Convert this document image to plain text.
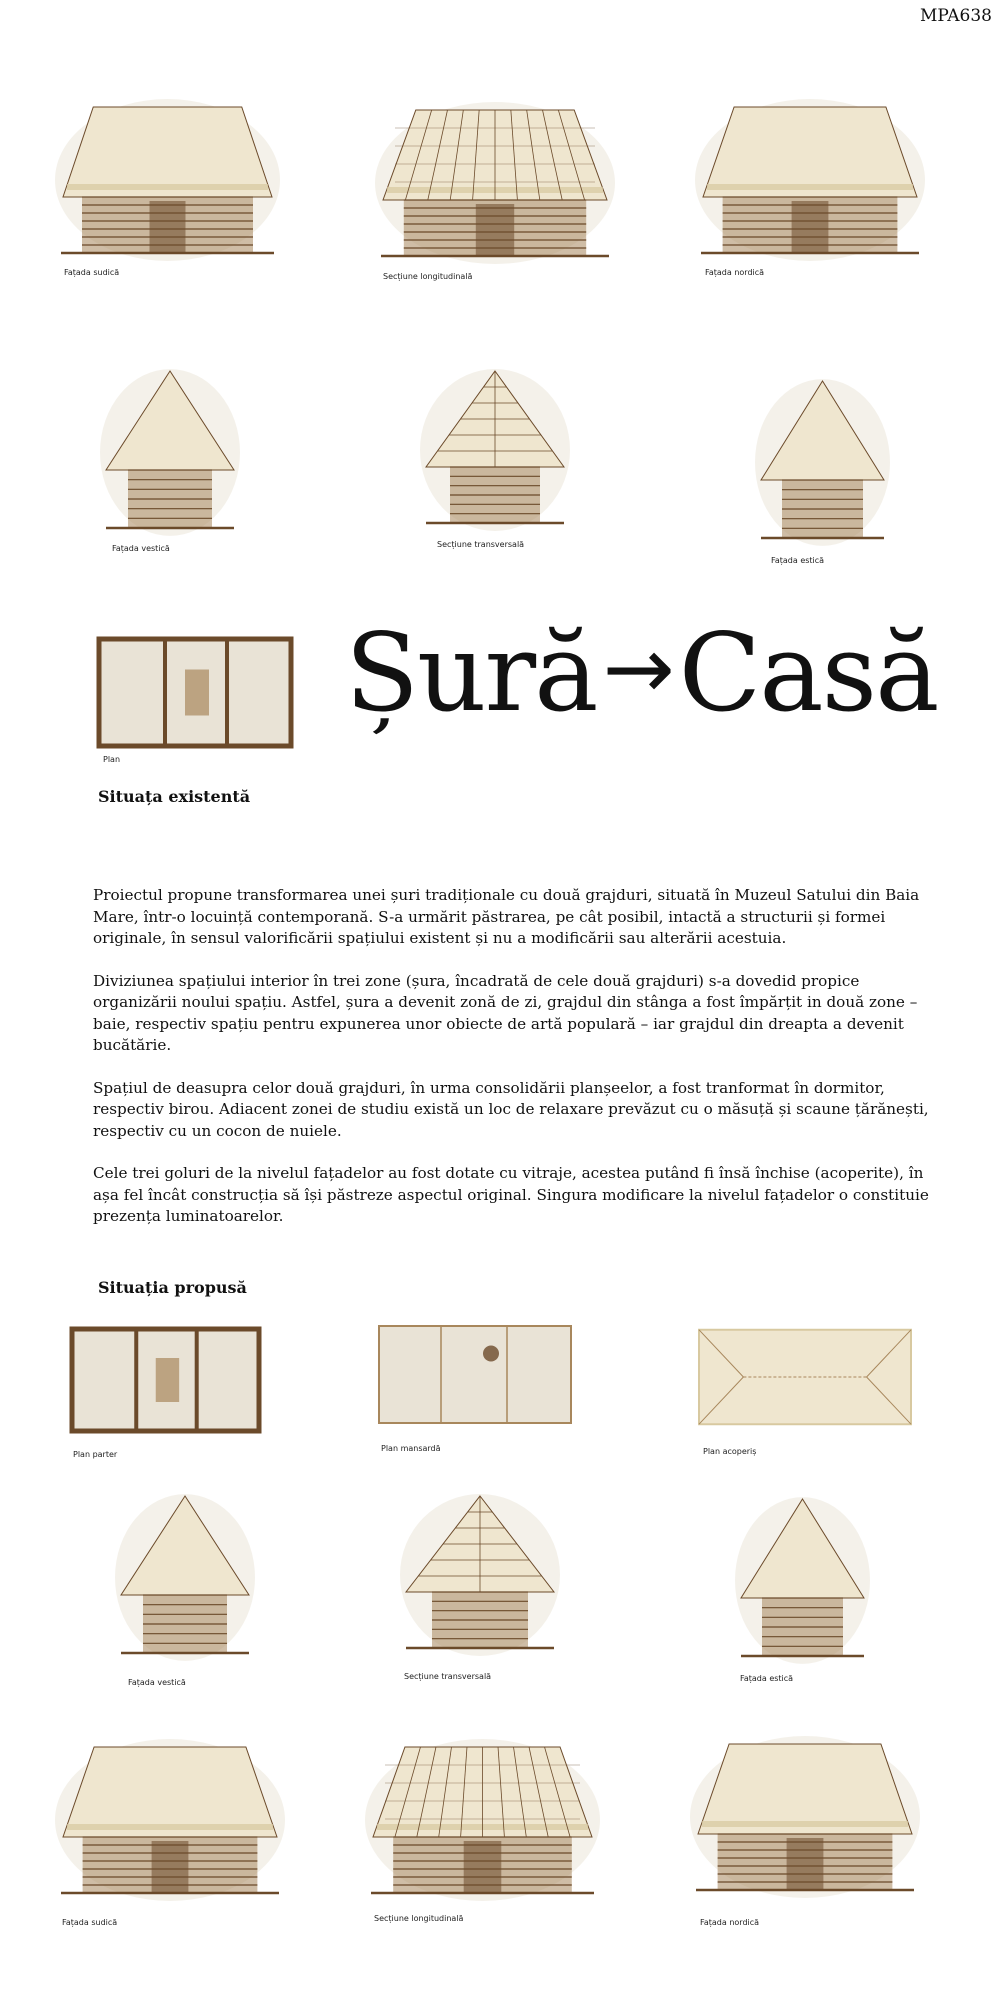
MPA638
Fațada sudică	Secțiune longitudinală	Fațada nordică
Fațada vestică	Secțiune transversală
Fațada estică
Plan
Șură→Casă
Situața existentă

Proiectul propune transformarea unei șuri tradiționale cu două grajduri, situată în Muzeul Satului din Baia Mare, într-o locuință contemporană. S-a urmărit păstrarea, pe cât posibil, intactă a structurii și formei originale, în sensul valorificării spațiului existent și nu a modificării sau alterării acestuia.

Diviziunea spațiului interior în trei zone (șura, încadrată de cele două grajduri) s-a dovedid propice organizării noului spațiu. Astfel, șura a devenit zonă de zi, grajdul din stânga a fost împărțit in două zone – baie, respectiv spațiu pentru expunerea unor obiecte de artă populară – iar grajdul din dreapta a devenit bucătărie.

Spațiul de deasupra celor două grajduri, în urma consolidării planșeelor, a fost tranformat în dormitor, respectiv birou. Adiacent zonei de studiu există un loc de relaxare prevăzut cu o măsuță și scaune țărănești, respectiv cu un cocon de nuiele.

Cele trei goluri de la nivelul fațadelor au fost dotate cu vitraje, acestea putând fi însă închise (acoperite), în așa fel încât construcția să își păstreze aspectul original. Singura modificare la nivelul fațadelor o constituie prezența luminatoarelor.

Situația propusă
Plan parter
Plan mansardă	Plan acoperiș
Fațada vestică
Secțiune transversală	Fațada estică
Fațada sudică	Secțiune longitudinală	Fațada nordică
